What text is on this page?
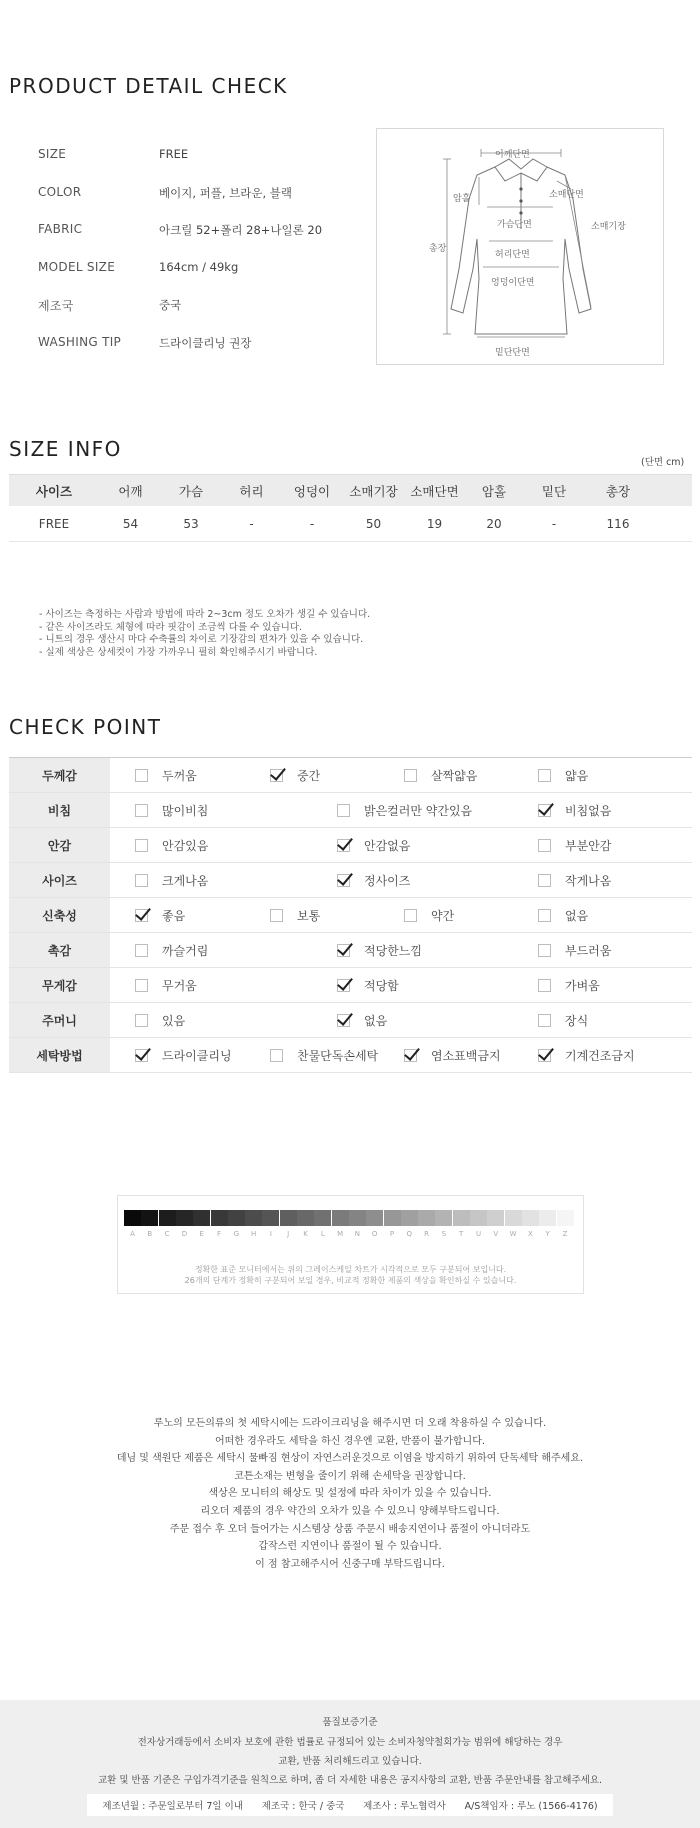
PRODUCT DETAIL CHECK
SIZE	FREE
COLOR	베이지, 퍼플, 브라운, 블랙
FABRIC	아크릴 52+폴리 28+나일론 20
MODEL SIZE	164cm / 49kg
제조국	중국
WASHING TIP	드라이클리닝 권장
어깨단면
암홀	소매단면
가슴단면	소매기장
총장
허리단면
엉덩이단면
밑단단면
SIZE INFO
(단면 cm)
사이즈	어깨	가슴	허리	엉덩이	소매기장	소매단면	암홀	밑단	총장
FREE	54	53	-	-	50	19	20	-	116
- 사이즈는 측정하는 사람과 방법에 따라 2~3cm 정도 오차가 생길 수 있습니다.
- 같은 사이즈라도 체형에 따라 핏감이 조금씩 다를 수 있습니다.
- 니트의 경우 생산시 마다 수축률의 차이로 기장감의 편차가 있을 수 있습니다.
- 실제 색상은 상세컷이 가장 가까우니 필히 확인해주시기 바랍니다.
CHECK POINT
두께감	두꺼움	중간	살짝얇음	얇음
비침	많이비침	밝은컬러만 약간있음	비침없음
안감	안감있음	안감없음	부분안감
사이즈	크게나옴	정사이즈	작게나옴
신축성	좋음	보통	약간	없음
촉감	까슬거림	적당한느낌	부드러움
무게감	무거움	적당함	가벼움
주머니	있음	없음	장식
세탁방법	드라이클리닝	찬물단독손세탁	염소표백금지	기계건조금지
A	B	C	D	E	F	G	H	I	J	K	L	M	N	O	P	Q	R	S	T	U	V	W	X	Y	Z
정확한 표준 모니터에서는 위의 그레이스케일 차트가 시각적으로 모두 구분되어 보입니다.
26개의 단계가 정확히 구분되어 보일 경우, 비교적 정확한 제품의 색상을 확인하실 수 있습니다.
루노의 모든의류의 첫 세탁시에는 드라이크리닝을 해주시면 더 오래 착용하실 수 있습니다.
어떠한 경우라도 세탁을 하신 경우엔 교환, 반품이 불가합니다.
데님 및 색원단 제품은 세탁시 물빠짐 현상이 자연스러운것으로 이염을 방지하기 위하여 단독세탁 해주세요.
코튼소재는 변형을 줄이기 위해 손세탁을 권장합니다.
색상은 모니터의 해상도 및 설정에 따라 차이가 있을 수 있습니다.
리오더 제품의 경우 약간의 오차가 있을 수 있으니 양해부탁드립니다.
주문 접수 후 오더 들어가는 시스템상 상품 주문시 배송지연이나 품절이 아니더라도
갑작스런 지연이나 품절이 될 수 있습니다.
이 점 참고해주시어 신중구매 부탁드립니다.
품질보증기준
전자상거래등에서 소비자 보호에 관한 법률로 규정되어 있는 소비자청약철회가능 범위에 해당하는 경우
교환, 반품 처리해드리고 있습니다.
교환 및 반품 기준은 구입가격기준을 원칙으로 하며, 좀 더 자세한 내용은 공지사항의 교환, 반품 주문안내를 참고해주세요.
제조년월 : 주문일로부터 7일 이내 제조국 : 한국 / 중국 제조사 : 루노협력사 A/S책임자 : 루노 (1566-4176)
